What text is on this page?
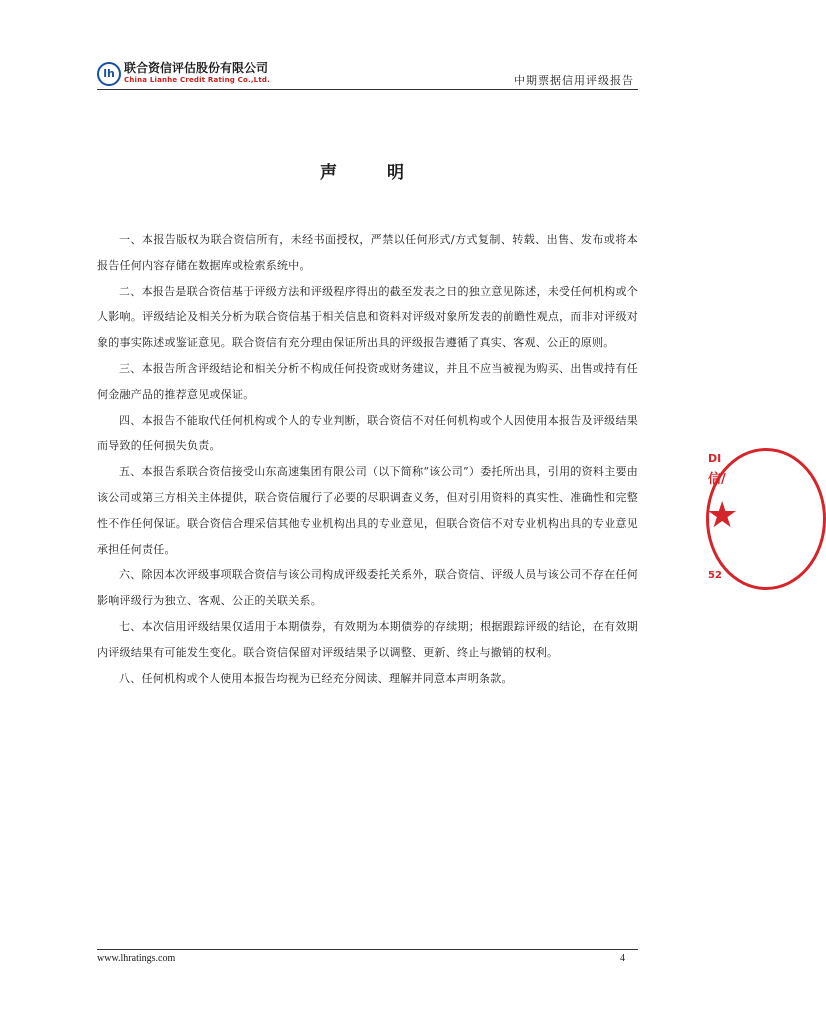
lh 联合资信评估股份有限公司
China Lianhe Credit Rating Co.,Ltd.	中期票据信用评级报告
声 明

一、本报告版权为联合资信所有，未经书面授权，严禁以任何形式/方式复制、转载、出售、发布或将本报告任何内容存储在数据库或检索系统中。

二、本报告是联合资信基于评级方法和评级程序得出的截至发表之日的独立意见陈述，未受任何机构或个人影响。评级结论及相关分析为联合资信基于相关信息和资料对评级对象所发表的前瞻性观点，而非对评级对象的事实陈述或鉴证意见。联合资信有充分理由保证所出具的评级报告遵循了真实、客观、公正的原则。

三、本报告所含评级结论和相关分析不构成任何投资或财务建议，并且不应当被视为购买、出售或持有任何金融产品的推荐意见或保证。

四、本报告不能取代任何机构或个人的专业判断，联合资信不对任何机构或个人因使用本报告及评级结果而导致的任何损失负责。

五、本报告系联合资信接受山东高速集团有限公司（以下简称“该公司”）委托所出具，引用的资料主要由该公司或第三方相关主体提供，联合资信履行了必要的尽职调查义务，但对引用资料的真实性、准确性和完整性不作任何保证。联合资信合理采信其他专业机构出具的专业意见，但联合资信不对专业机构出具的专业意见承担任何责任。

六、除因本次评级事项联合资信与该公司构成评级委托关系外，联合资信、评级人员与该公司不存在任何影响评级行为独立、客观、公正的关联关系。

七、本次信用评级结果仅适用于本期债券，有效期为本期债券的存续期；根据跟踪评级的结论，在有效期内评级结果有可能发生变化。联合资信保留对评级结果予以调整、更新、终止与撤销的权利。

八、任何机构或个人使用本报告均视为已经充分阅读、理解并同意本声明条款。

DI
信/
★
52
www.lhratings.com	4
